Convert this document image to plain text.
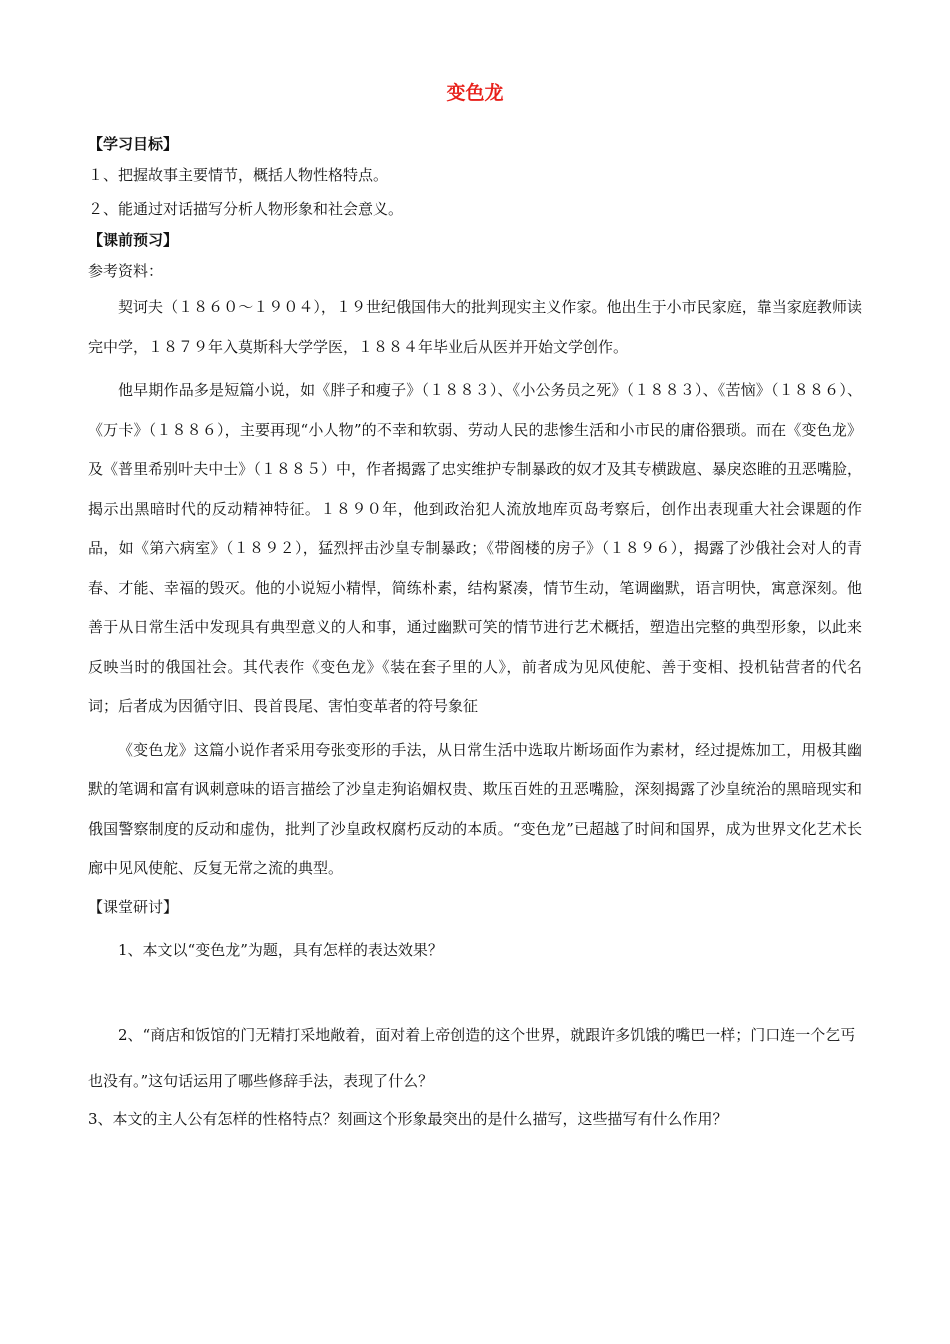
变色龙
【学习目标】

１、把握故事主要情节，概括人物性格特点。

２、能通过对话描写分析人物形象和社会意义。

【课前预习】

参考资料：

契诃夫（１８６０～１９０４），１９世纪俄国伟大的批判现实主义作家。他出生于小市民家庭，靠当家庭教师读完中学，１８７９年入莫斯科大学学医，１８８４年毕业后从医并开始文学创作。

他早期作品多是短篇小说，如《胖子和瘦子》（１８８３）、《小公务员之死》（１８８３）、《苦恼》（１８８６）、《万卡》（１８８６），主要再现“小人物”的不幸和软弱、劳动人民的悲惨生活和小市民的庸俗猥琐。而在《变色龙》及《普里希别叶夫中士》（１８８５）中，作者揭露了忠实维护专制暴政的奴才及其专横跋扈、暴戾恣睢的丑恶嘴脸，揭示出黑暗时代的反动精神特征。１８９０年，他到政治犯人流放地库页岛考察后，创作出表现重大社会课题的作品，如《第六病室》（１８９２），猛烈抨击沙皇专制暴政；《带阁楼的房子》（１８９６），揭露了沙俄社会对人的青春、才能、幸福的毁灭。他的小说短小精悍，简练朴素，结构紧凑，情节生动，笔调幽默，语言明快，寓意深刻。他善于从日常生活中发现具有典型意义的人和事，通过幽默可笑的情节进行艺术概括，塑造出完整的典型形象，以此来反映当时的俄国社会。其代表作《变色龙》《装在套子里的人》，前者成为见风使舵、善于变相、投机钻营者的代名词；后者成为因循守旧、畏首畏尾、害怕变革者的符号象征

《变色龙》这篇小说作者采用夸张变形的手法，从日常生活中选取片断场面作为素材，经过提炼加工，用极其幽默的笔调和富有讽刺意味的语言描绘了沙皇走狗谄媚权贵、欺压百姓的丑恶嘴脸，深刻揭露了沙皇统治的黑暗现实和俄国警察制度的反动和虚伪，批判了沙皇政权腐朽反动的本质。“变色龙”已超越了时间和国界，成为世界文化艺术长廊中见风使舵、反复无常之流的典型。

【课堂研讨】

1、本文以“变色龙”为题，具有怎样的表达效果？

2、“商店和饭馆的门无精打采地敞着，面对着上帝创造的这个世界，就跟许多饥饿的嘴巴一样；门口连一个乞丐也没有。”这句话运用了哪些修辞手法，表现了什么？

3、本文的主人公有怎样的性格特点？刻画这个形象最突出的是什么描写，这些描写有什么作用？
